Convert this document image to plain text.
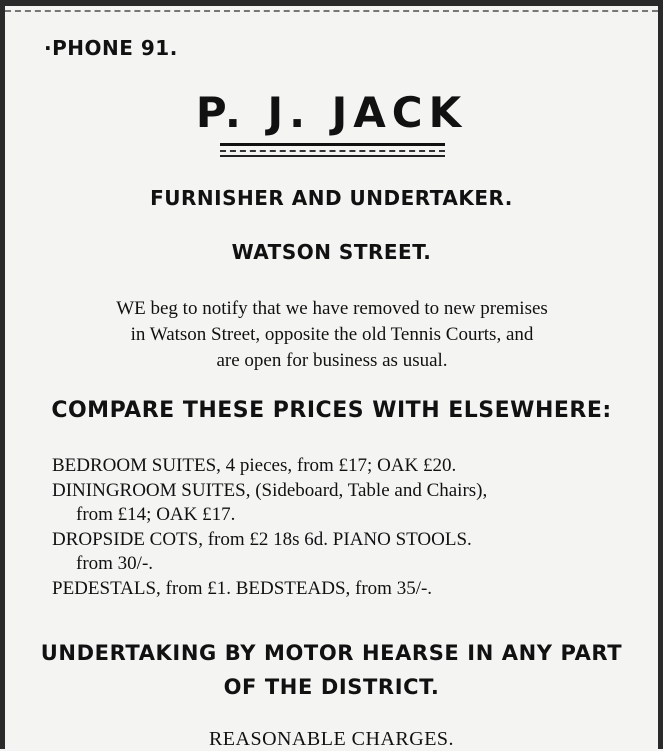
·PHONE 91.
P. J. JACK
FURNISHER AND UNDERTAKER.
WATSON STREET.
WE beg to notify that we have removed to new premises
in Watson Street, opposite the old Tennis Courts, and
are open for business as usual.
COMPARE THESE PRICES WITH ELSEWHERE:
BEDROOM SUITES, 4 pieces, from £17; OAK £20.
DININGROOM SUITES, (Sideboard, Table and Chairs),
from £14; OAK £17.
DROPSIDE COTS, from £2 18s 6d. PIANO STOOLS.
from 30/-.
PEDESTALS, from £1. BEDSTEADS, from 35/-.
UNDERTAKING BY MOTOR HEARSE IN ANY PART
OF THE DISTRICT.
REASONABLE CHARGES.
